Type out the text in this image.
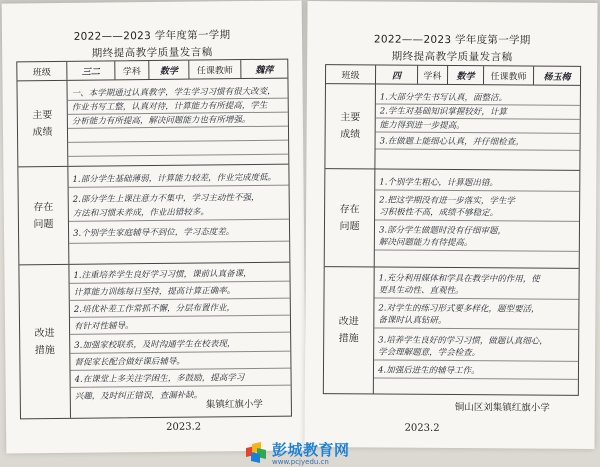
2022——2023 学年度第一学期
期终提高教学质量发言稿
班级	三二	学科	数学	任课教师	魏萍
主要成绩
一、本学期通过认真教学，学生学习习惯有很大改变，
作业书写工整，认真对待，计算能力有所提高，学生
分析能力有所提高，解决问题能力也有所增强。
存在问题
1.部分学生基础薄弱，计算能力较差，作业完成度低。
2.部分学生上课注意力不集中，学习主动性不强，
方法和习惯未养成，作业出错较多。
3.个别学生家庭辅导不到位，学习态度差。
改进措施
1.注重培养学生良好学习习惯，课前认真备课，
计算能力训练每日坚持，提高计算正确率。
2.培优补差工作常抓不懈，分层布置作业，
有针对性辅导。
3.加强家校联系，及时沟通学生在校表现，
督促家长配合做好课后辅导。
4.在课堂上多关注学困生，多鼓励，提高学习
兴趣，及时纠正错误，查漏补缺。
集镇红旗小学
2023.2
2022——2023 学年度第一学期
期终提高教学质量发言稿
班级	四	学科	数学	任课教师	杨玉梅
主要成绩
1.大部分学生书写认真，面整洁。
2.学生对基础知识掌握较好，计算
能力得到进一步提高。
3.在做题上能细心认真，并仔细检查。
存在问题
1.个别学生粗心，计算题出错。
2.把这学期没有进一步落实，学生学
习积极性不高，成绩不够稳定。
3.部分学生做题时没有仔细审题，
解决问题能力有待提高。
改进措施
1.充分利用媒体和学具在教学中的作用，使
更具生动性、直观性。
2.对学生的练习形式要多样化，题型要活，
备课时认真钻研。
3.培养学生良好的学习习惯，做题认真细心，
学会理解题意，学会检查。
4.加强后进生的辅导工作。
铜山区刘集镇红旗小学
2023.2
彭城教育网
www.pcjyedu.cn
